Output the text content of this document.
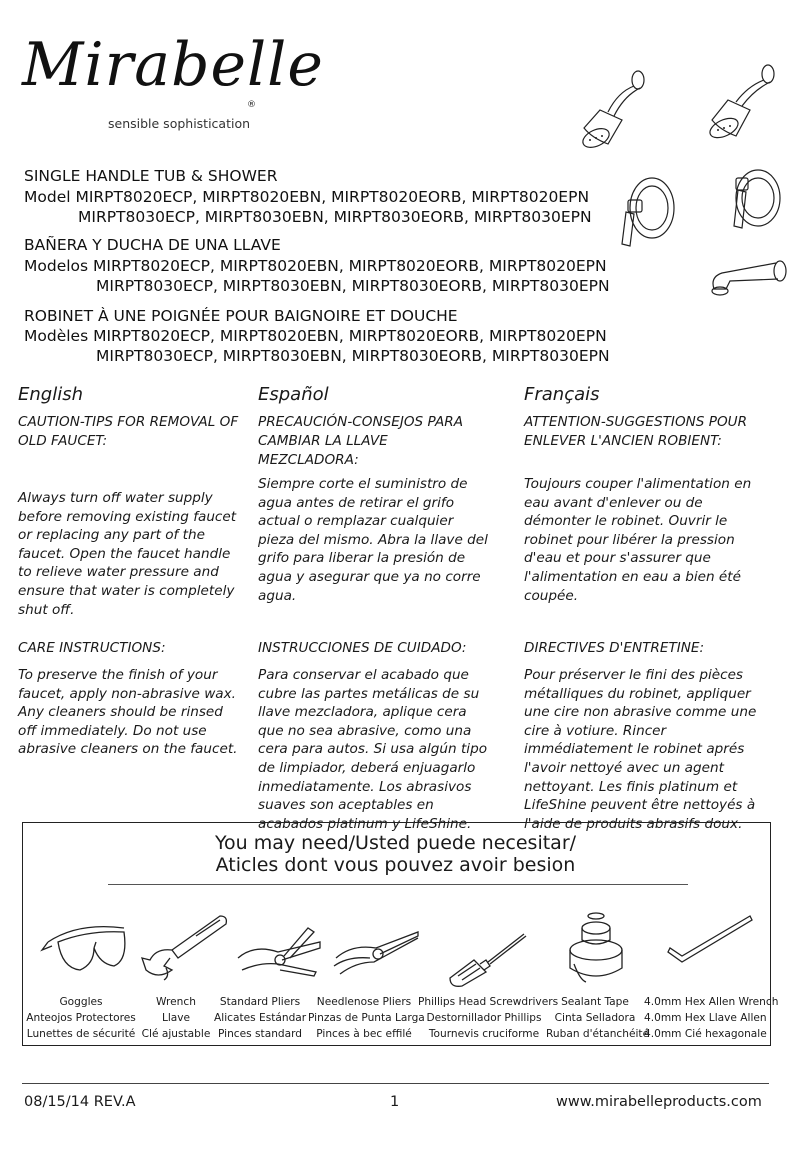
Mirabelle
®
sensible sophistication
SINGLE HANDLE TUB & SHOWER
Model MIRPT8020ECP, MIRPT8020EBN, MIRPT8020EORB, MIRPT8020EPN
MIRPT8030ECP, MIRPT8030EBN, MIRPT8030EORB, MIRPT8030EPN
BAÑERA Y DUCHA DE UNA LLAVE
Modelos MIRPT8020ECP, MIRPT8020EBN, MIRPT8020EORB, MIRPT8020EPN
MIRPT8030ECP, MIRPT8030EBN, MIRPT8030EORB, MIRPT8030EPN
ROBINET À UNE POIGNÉE POUR BAIGNOIRE ET DOUCHE
Modèles MIRPT8020ECP, MIRPT8020EBN, MIRPT8020EORB, MIRPT8020EPN
MIRPT8030ECP, MIRPT8030EBN, MIRPT8030EORB, MIRPT8030EPN
English
CAUTION-TIPS FOR REMOVAL OF OLD FAUCET:
Always turn off water supply before removing existing faucet or replacing any part of the faucet. Open the faucet handle to relieve water pressure and ensure that water is completely shut off.
CARE INSTRUCTIONS:
To preserve the finish of your faucet, apply non-abrasive wax. Any cleaners should be rinsed off immediately. Do not use abrasive cleaners on the faucet.
Español
PRECAUCIÓN-CONSEJOS PARA CAMBIAR LA LLAVE MEZCLADORA:
Siempre corte el suministro de agua antes de retirar el grifo actual o remplazar cualquier pieza del mismo. Abra la llave del grifo para liberar la presión de agua y asegurar que ya no corre agua.
INSTRUCCIONES DE CUIDADO:
Para conservar el acabado que cubre las partes metálicas de su llave mezcladora, aplique cera que no sea abrasive, como una cera para autos. Si usa algún tipo de limpiador, deberá enjuagarlo inmediatamente. Los abrasivos suaves son aceptables en acabados platinum y LifeShine.
Français
ATTENTION-SUGGESTIONS POUR ENLEVER L'ANCIEN ROBIENT:
Toujours couper l'alimentation en eau avant d'enlever ou de démonter le robinet. Ouvrir le robinet pour libérer la pression d'eau et pour s'assurer que l'alimentation en eau a bien été coupée.
DIRECTIVES D'ENTRETINE:
Pour préserver le fini des pièces métalliques du robinet, appliquer une cire non abrasive comme une cire à votiure. Rincer immédiatement le robinet aprés l'avoir nettoyé avec un agent nettoyant. Les finis platinum et LifeShine peuvent être nettoyés à l'aide de produits abrasifs doux.
You may need/Usted puede necesitar/
Aticles dont vous pouvez avoir besion
Goggles
Anteojos Protectores
Lunettes de sécurité
Wrench
Llave
Clé ajustable
Standard Pliers
Alicates Estándar
Pinces standard
Needlenose Pliers
Pinzas de Punta Larga
Pinces à bec effilé
Phillips Head Screwdrivers
Destornillador Phillips
Tournevis cruciforme
Sealant Tape
Cinta Selladora
Ruban d'étanchéité
4.0mm Hex Allen Wrench
4.0mm Hex Llave Allen
4.0mm Cié hexagonale
08/15/14 REV.A	1	www.mirabelleproducts.com
